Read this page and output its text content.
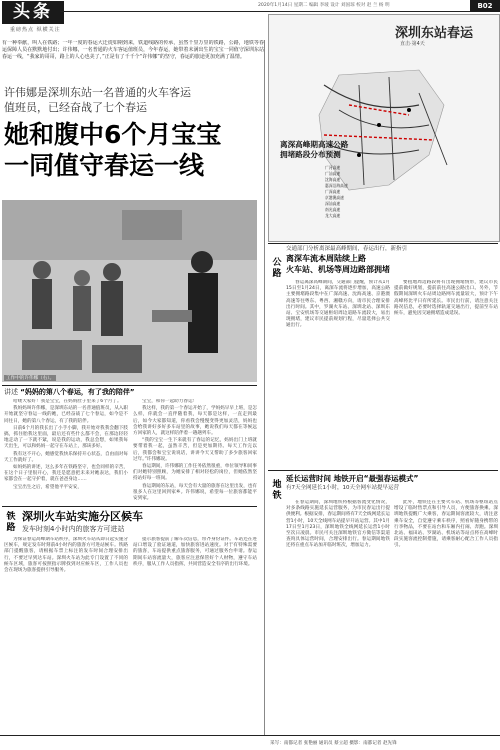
头条
重磅热点 纵横关注
2020年1月14日 星期二 编辑 李坡 设计 刘国琼 校对 赵 兰 杨 明	B02
有一种奉献，叫人在铁路；一年一度的春运大迁徙如期到来，铁道线路的传承，虽然千里万里的铁路，公路，地铁等春运保障人员在默默地付出；许伟娜，一名普通的火车客运值班员，今年春运，她带着未满出生的宝宝一同值守深圳东站春运一线，“我家的哥哥，路上的人心也美了，”正是有了千千个“许伟娜”的坚守，春运的旅途更加充满了温情。
许伟娜是深圳东站一名普通的火车客运
值班员，已经奋战了七个春运
她和腹中6个月宝宝
一同值守春运一线
工作中的许伟娜（右）。
讲述 “妈妈的第八个春运，有了我的陪伴”

哈喽大家好！我是宝宝，在妈妈肚子里来了6个月了。

我妈妈叫许伟娜，是深圳东站的一名普通值班员，从入职开始就坚守春运一线的她，已经奋战了七个春运，如今是不同往日，她的第八个春运，有了我的陪伴。

日前6个月的我长出了小手小脚，我开始对我我会翻下肢搞，抓住胎我这里面，最后还有些什么都不会，在那边轻轻地走动了一下就不紧，说是我的运动，我总会想，如果我每天出生，可以和妈妈一起守在车站上，那该多好。

我有这不开心，她感觉我快乐保持开心状态，自由面对每天工作就好了。

如妈妈的讲述，这么多年在铁路坚守，也会同样的辛苦，在这个日子里很开心，我还是愿意把未来对她表达，我们小家都会在一起守护着，就在爸爸身边……

宝宝出生之后，希望他平平安安，

宝宝，和你一起助力春运！

我这样，我的第一个春运开始了，学妈妈早早上班，是怎么样，你就会一直伴随着我，每天都是这样，一直走到最后，如今大家都知道，你看我会慢慢变得更加灵活，妈妈也会给我讲好多好多车站里的故事，她说我们每天都在等候远方回家的人，就这样陪伴着一趟趟列车。

“我的宝宝一生下来就有了春运的记忆，妈妈出门上班就要带着我一起，虽然辛苦，但是更加期待。每天工作完以后，我都会和宝宝说说话，讲讲今天又帮助了多少旅客回家过年。”许伟娜说。

春运期间，许伟娜的工作任务依然很重，单位领导和同事们对她特别照顾，为她安排了相对轻松的岗位，但她依然坚持站好每一班岗。

春运期间的东站，每天会有大量的旅客在这里出发，也有很多人在这里回到家乡。许伟娜说，希望每一位旅客都能平安到家。

铁路
深圳火车站实施分区候车
发车时刻4小时内的旅客方可进站

为保证春运高峰期车站秩序，深圳火车站从即日起实施分区候车，规定发车时刻前4小时内的旅客方可进站候车。铁路部门提醒旅客，请根据车票上标注的发车时间合理安排出行，不要过早到达车站。深圳火车站为此专门设置了不同的候车区域，旅客可按照指示牌找到对应候车区，工作人员也会在现场为旅客提供引导服务。

提示旅客提前了解车次信息，带齐身份证件。车站还在进站口增设了验证通道，加快旅客进站速度。对于有特殊需要的旅客，车站提供重点旅客服务，可通过服务台申请。春运期间车站客流量大，旅客应注意保管好个人财物，遵守车站秩序，服从工作人员指挥，共同营造安全有序的出行环境。

深圳东站春运
直击·第4天
离深高峰期高速公路
拥堵路段分布预测
广河高速
广汕高速
沈海高速
惠深沿海高速
广深高速
京港澳高速
深汕高速
南光高速
龙大高速
公路
交通部门分析离深最高峰期间，春运出行，新指引
离深车流本周陆续上路
火车站、机场等周边路部拥堵

春运离深高峰期间，交通部门提醒，预计从1月15日至1月24日，离深车流将逐步增加，高速公路主要拥堵路段集中在广深高速、沈海高速、京港澳高速等往粤东、粤西、湘赣方向，请市民合理安排出行时间。其中，罗湖火车站、深圳北站、深圳东站、宝安机场等交通枢纽周边道路车流较大，易出现拥堵，建议市民提前规划行程，尽量选择公共交通出行。

要租地周边路段将有出现拥堵情形，建议市民提前做好规划，提前前往高速公路出口。另外，节假期间深圳火车站周边路网车流量较大，预计下午高峰将比平日有所延长。市民出行前，请注意关注路况信息，必要时选择轨道交通出行，提前至车站候车，避免因交通拥堵造成延误。

地铁
延长运营时间 地铁开启“最强春运模式”
有7天全网延长1小时，10天全网车站提早运营

在春运期间，深圳地铁将根据客流变化情况，对多条线路实施延长运营服务，为市民春运出行提供便利。根据安排，春运期间将有7天全线网延长运营1小时，10天全线网车站提早开站运营。其中1月17日至1月23日，深圳地铁全线网延长运营1小时至次日凌晨。市民可关注深圳地铁官方微信等渠道查询具体运营时间，合理安排出行。春运期间地铁还将在重点车站加开临时班次，增加运力。

此外，地铁还在主要火车站、机场等枢纽站点增设了临时售票点和引导人员，方便旅客换乘。深圳地铁提醒广大乘客，春运期间客流较大，请注意乘车安全，自觉遵守乘车秩序，照看好随身携带的行李物品，不要在站台和车厢内打闹、奔跑。深圳北站、福田站、罗湖站、机场站等站点将在高峰时段实施客流控制措施，请乘客耐心配合工作人员指引。

采写：南都记者 张艳丽 通讯员 蔡立超 摄影：南都记者 赵先锋
